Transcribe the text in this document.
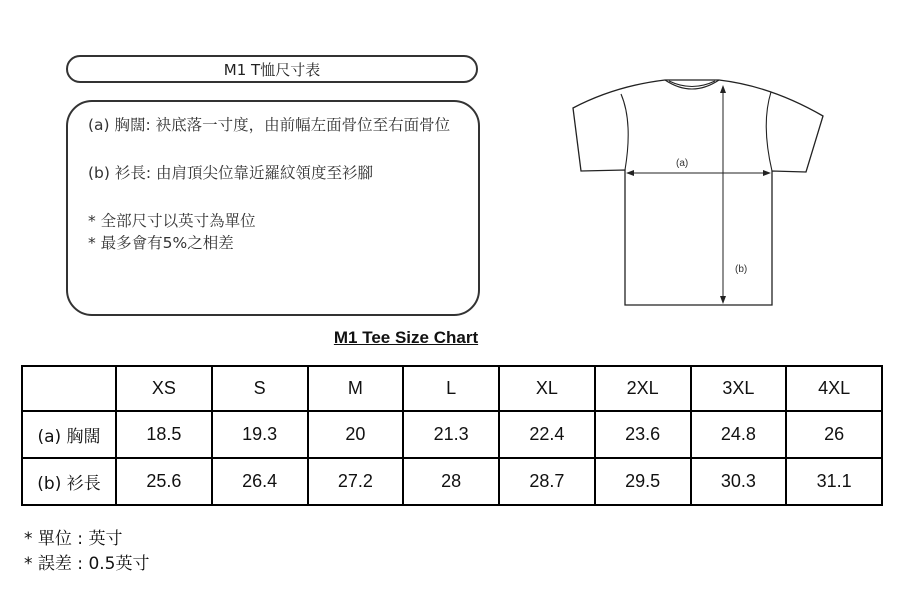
M1 T恤尺寸表
(a) 胸闊: 袂底落一寸度，由前幅左面骨位至右面骨位
(b) 衫長: 由肩頂尖位靠近羅紋領度至衫腳
* 全部尺寸以英寸為單位
* 最多會有5%之相差
(a)
(b)
M1 Tee Size Chart
	XS	S	M	L	XL	2XL	3XL	4XL
(a) 胸闊	18.5	19.3	20	21.3	22.4	23.6	24.8	26
(b) 衫長	25.6	26.4	27.2	28	28.7	29.5	30.3	31.1
* 單位 : 英寸
* 誤差 : 0.5英寸
